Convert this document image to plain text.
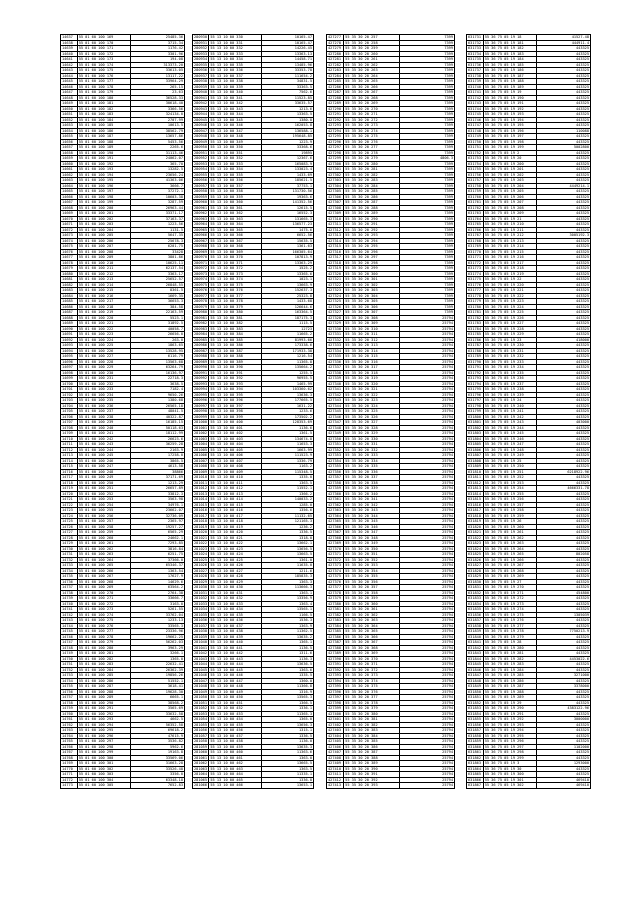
14637	55 01 60 100 169	25485.36
14638	55 01 60 100 170	3715.34
14639	55 01 60 100 171	1176.42
14640	55 01 60 100 172	3301.96
14641	55 01 60 100 173	194.08
14642	55 01 60 100 174	313373.20
14643	55 01 60 100 175	33613.05
14644	55 01 60 100 176	13117.22
14645	55 01 60 100 177	33964.29
14646	55 01 60 100 178	265.15
14647	55 01 60 100 179	23.63
14648	55 01 60 100 180	36528.33
14649	55 01 60 100 181	30618.40
14650	55 01 60 100 182	3366.56
14651	55 01 60 100 183	324134.0
14652	55 01 60 100 184	2707.99
14653	55 01 60 100 185	10613.5
14654	55 01 60 100 186	38562.79
14655	55 01 60 100 187	13657.86
14656	55 01 60 100 188	5453.56
14657	55 01 60 100 189	2265.6
14658	55 01 60 100 190	31113.46
14659	55 01 60 100 191	24062.07
14660	55 01 60 100 192	365.70
14661	55 01 60 100 193	13282.5
14662	55 01 60 100 194	23656.24
14663	55 01 60 100 195	41363.06
14664	55 01 60 100 196	3666.7
14665	55 01 60 100 197	37272.1
14666	55 01 60 100 198	10603.38
14667	55 01 60 100 199	3287.59
14668	55 01 60 100 200	26963.44
14669	55 01 60 100 201	33371.17
14670	55 01 60 100 202	37163.37
14671	55 01 60 100 203	1223.56
14672	55 01 60 100 204	1131.5
14673	55 01 60 100 205	5647.35
14674	55 01 60 100 206	25678.3
14675	55 01 60 100 207	6201.75
14676	55 01 60 100 208	33428
14677	55 01 60 100 209	3801.86
14678	55 01 60 100 210	10625.11
14679	55 01 60 100 211	62137.54
14680	55 01 60 100 212	3363.17
14681	55 01 60 100 213	25652.57
14682	55 01 60 100 214	26848.55
14683	55 01 60 100 215	8361.5
14684	55 01 60 100 216	1669.35
14685	55 01 60 100 217	36653.3
14686	55 01 60 100 218	384.58
14687	55 01 60 100 219	22163.59
14688	55 01 60 100 220	5523.1
14689	55 01 60 100 221	31892.5
14690	55 01 60 100 222	40058.7
14691	55 01 60 100 223	26656.0
14692	55 01 60 100 224	263.0
14693	55 01 60 100 225	1863.65
14694	55 01 60 100 226	13528.95
14695	55 01 60 100 227	6116.79
14696	55 01 60 100 228	13563.68
14697	55 01 60 100 229	63264.79
14698	55 01 60 100 230	16136.97
14699	55 01 60 100 231	22718.3
14700	55 01 60 100 232	3638.5
14701	55 01 60 100 233	7182.4
14702	55 01 60 100 234	9650.26
14703	55 01 60 100 235	1380.68
14704	55 01 60 100 236	26565.18
14705	55 01 60 100 237	48041.5
14706	55 01 60 100 238	40322.87
14707	55 01 60 100 239	16185.15
14708	55 01 60 100 240	50118.63
14709	55 01 60 100 241	18112.99
14710	55 01 60 100 242	26623.6
14711	55 01 60 100 243	36259.28
14712	55 01 60 100 244	2163.9
14713	55 01 60 100 245	17258.0
14714	55 01 60 100 246	3865.5
14715	55 01 60 100 247	4613.58
14716	55 01 60 100 248	38866
14717	55 01 60 100 249	37171.69
14718	55 01 60 100 250	1213.29
14719	55 01 60 100 251	26657.89
14720	55 01 60 100 252	33812.3
14721	55 01 60 100 253	3563.98
14722	55 01 60 100 254	34976.1
14723	55 01 60 100 255	23662.07
14724	55 01 60 100 256	32736.09
14725	55 01 60 100 257	2365.97
14726	55 01 60 100 258	19257.27
14727	55 01 60 100 259	6565.29
14728	55 01 60 100 260	24662.1
14729	55 01 60 100 261	7293.85
14730	55 01 60 100 262	3816.84
14731	55 01 60 100 263	6251.75
14732	55 01 60 100 264	37366.0
14733	55 01 60 100 265	65346.37
14734	55 01 60 100 266	1363.54
14735	55 01 60 100 267	17627.9
14736	55 01 60 100 268	14629.6
14737	55 01 60 100 269	63564.2
14738	55 01 60 100 270	2764.38
14739	55 01 60 100 271	33666.7
14740	55 01 60 100 272	3163.0
14741	55 01 60 100 273	5261.55
14742	55 01 60 100 274	33762.04
14743	55 01 60 100 275	1233.13
14744	55 01 60 100 276	33565.3
14745	55 01 60 100 277	23336.96
14746	55 01 60 100 278	19662.25
14747	55 01 60 100 279	56262.03
14748	55 01 60 100 280	3963.29
14749	55 01 60 100 281	3266.1
14750	55 01 60 100 282	1365.0
14751	55 01 60 100 283	22632.41
14752	55 01 60 100 284	26362.39
14753	55 01 60 100 285	19856.26
14754	55 01 60 100 286	51552.1
14755	55 01 60 100 287	3618.41
14756	55 01 60 100 288	19628.30
14757	55 01 60 100 289	6665.1
14758	55 01 60 100 290	38568.2
14759	55 01 60 100 291	3565.69
14760	55 01 60 100 292	33632.58
14761	55 01 60 100 293	4662.5
14762	55 01 60 100 294	56352.58
14763	55 01 60 100 295	69618.2
14764	55 01 60 100 296	47615.9
14765	55 01 60 100 297	3536.82
14766	55 01 60 100 298	5962.6
14767	55 01 60 100 299	19163.8
14768	55 01 60 100 300	33569.06
14769	55 01 60 100 301	31663.28
14770	55 01 60 100 302	33526.48
14771	55 01 60 100 303	3356.0
14772	55 01 60 100 304	63348.18
14773	55 01 60 100 305	7652.83
280930	55 13 10 00 330	10165.47
280931	55 13 10 00 331	10165.47
280932	55 13 10 00 332	14226.45
280933	55 13 10 00 333	13363.13
280934	55 13 10 00 334	14458.71
280935	55 13 10 00 335	13485.96
280936	55 13 10 00 336	33353.78
280937	55 13 10 00 337	111654.2
280938	55 13 10 00 338	34831.5
280939	55 13 10 00 339	33363.5
280940	55 13 10 00 340	7562.6
280941	55 13 10 00 341	11523.85
280942	55 13 10 00 342	33635.57
280943	55 13 10 00 343	1213.6
280944	55 13 10 00 344	13363.5
280945	55 13 10 00 345	1380.8
280946	55 13 10 00 346	162053.8
280947	55 13 10 00 347	136588.1
280948	55 13 10 00 348	195648.85
280949	55 13 10 00 349	1223.9
280950	55 13 10 00 350	33368.6
280951	55 13 10 00 351	19895
280952	55 13 10 00 352	12367.6
280953	55 13 10 00 353	165083.9
280954	55 13 10 00 354	133023.4
280955	55 13 10 00 355	1433.69
280956	55 13 10 00 356	185621.5
280957	55 13 10 00 357	37753.1
280958	55 13 10 00 358	131730.56
280959	55 13 10 00 359	19363.6
280960	55 13 10 00 360	141352.56
280961	55 13 10 00 361	12615.5
280962	55 13 10 00 362	16552.3
280963	55 13 10 00 363	131665.3
280964	55 13 10 00 364	136577.23
280965	55 13 10 00 365	1475.6
280966	55 13 10 00 366	6652.56
280967	55 13 10 00 367	15635.5
280968	55 13 10 00 368	1361.63
280969	55 13 10 00 369	166305.64
280970	55 13 10 00 370	107813.9
280971	55 13 10 00 371	13363.29
280972	55 13 10 00 372	1525.2
280973	55 13 10 00 373	13365.6
280974	55 13 10 00 374	1023.1
280975	55 13 10 00 375	13663.9
280976	55 13 10 00 376	152637.3
280977	55 13 10 00 377	25323.8
280978	55 13 10 00 378	1433.68
280979	55 13 10 00 379	126644.6
280980	55 13 10 00 380	163364.5
280981	55 13 10 00 381	187175.3
280982	55 13 10 00 382	1115.5
280983	55 13 10 00 383	12723
280984	55 13 10 00 384	11665.2
280985	55 13 10 00 385	81993.66
280986	55 13 10 00 386	173338.6
280987	55 13 10 00 387	171933.38
280988	55 13 10 00 388	1216.54
280989	55 13 10 00 389	11365.8
280990	55 13 10 00 390	135664.2
280991	55 13 10 00 391	1255.5
280992	55 13 10 00 392	96955.5
280993	55 13 10 00 393	1465.99
280994	55 13 10 00 394	103360.62
280995	55 13 10 00 395	13636.3
280996	55 13 10 00 396	177665.5
280997	55 13 10 00 397	1631.22
280998	55 13 10 00 398	1233.6
280999	55 13 10 00 399	173502.2
281000	55 13 10 00 400	128353.69
281001	55 13 10 00 401	1136.6
281002	55 13 10 00 402	1361.5
281003	55 13 10 00 403	134674.8
281004	55 13 10 00 404	11653.3
281005	55 13 10 00 405	1663.99
281006	55 13 10 00 406	111523.9
281007	55 13 10 00 407	1336.79
281008	55 13 10 00 408	1163.2
281009	55 13 10 00 409	115348.5
281010	55 13 10 00 410	1335.0
281011	55 13 10 00 411	1363.5
281012	55 13 10 00 412	11552.1
281013	55 13 10 00 413	1366.2
281014	55 13 10 00 414	140033.2
281015	55 13 10 00 415	1285.0
281016	55 13 10 00 416	1356.6
281017	55 13 10 00 417	11132.65
281018	55 13 10 00 418	121165.3
281019	55 13 10 00 419	1236.2
281020	55 13 10 00 420	1336.5
281021	55 13 10 00 421	1318.0
281022	55 13 10 00 422	13662.1
281023	55 13 10 00 423	13656.5
281024	55 13 10 00 424	13663.5
281025	55 13 10 00 425	1361.0
281026	55 13 10 00 426	11635.0
281027	55 13 10 00 427	1211.6
281028	55 13 10 00 428	185835.3
281029	55 13 10 00 429	1363.3
281030	55 13 10 00 430	113666.3
281031	55 13 10 00 431	1363.1
281032	55 13 10 00 432	13356.9
281033	55 13 10 00 433	1363.4
281034	55 13 10 00 434	13565.1
281035	55 13 10 00 435	1166.5
281036	55 13 10 00 436	1536.3
281037	55 13 10 00 437	1363.9
281038	55 13 10 00 438	11362.5
281039	55 13 10 00 439	13635.2
281040	55 13 10 00 440	1365.1
281041	55 13 10 00 441	1136.5
281042	55 13 10 00 442	1311.6
281043	55 13 10 00 443	1136.3
281044	55 13 10 00 444	13636.5
281045	55 13 10 00 445	1363.6
281046	55 13 10 00 446	1335.5
281047	55 13 10 00 447	1360.0
281048	55 13 10 00 448	11366.8
281049	55 13 10 00 449	1316.9
281050	55 13 10 00 450	13565.3
281051	55 13 10 00 451	1366.5
281052	55 13 10 00 452	1336.1
281053	55 13 10 00 453	11365.3
281054	55 13 10 00 454	1365.0
281055	55 13 10 00 455	13656.3
281056	55 13 10 00 456	1315.1
281057	55 13 10 00 457	1336.5
281058	55 13 10 00 458	1136.0
281059	55 13 10 00 459	13635.3
281060	55 13 10 00 460	11363.6
281061	55 13 10 00 461	1363.0
281062	55 13 10 00 462	13665.5
281063	55 13 10 00 463	1363.5
281064	55 13 10 00 464	11335.1
281065	55 13 10 00 465	1336.8
281066	55 13 10 00 466	13653.1
427277	55 35 30 20 257	7399
427278	55 35 30 20 258	7399
427279	55 35 30 20 259	7399
427280	55 35 30 20 260	7399
427281	55 35 30 20 261	7399
427282	55 35 30 20 262	7399
427283	55 35 30 20 263	7399
427284	55 35 30 20 264	7399
427285	55 35 30 20 265	7399
427286	55 35 30 20 266	7399
427287	55 35 30 20 267	7399
427288	55 35 30 20 268	7399
427289	55 35 30 20 269	7399
427290	55 35 30 20 270	7399
427291	55 35 30 20 271	7399
427292	55 35 30 20 272	7399
427293	55 35 30 20 273	7399
427294	55 35 30 20 274	7399
427295	55 35 30 20 275	7399
427296	55 35 30 20 276	7399
427297	55 35 30 20 277	7399
427298	55 35 30 20 278	7399
427299	55 35 30 20 279	4806.3
427300	55 35 30 20 280	7399
427301	55 35 30 20 281	7399
427302	55 35 30 20 282	7399
427303	55 35 30 20 283	7399
427304	55 35 30 20 284	7399
427305	55 35 30 20 285	7399
427306	55 35 30 20 286	7399
427307	55 35 30 20 287	7399
427308	55 35 30 20 288	7399
427309	55 35 30 20 289	7399
427310	55 35 30 20 290	7399
427311	55 35 30 20 291	7399
427312	55 35 30 20 292	7399
427313	55 35 30 20 293	7399
427314	55 35 30 20 294	7399
427315	55 35 30 20 295	7399
427316	55 35 30 20 296	7399
427317	55 35 30 20 297	7399
427318	55 35 30 20 298	7399
427319	55 35 30 20 299	7399
427320	55 35 30 20 300	7399
427321	55 35 30 20 301	7399
427322	55 35 30 20 302	7399
427323	55 35 30 20 303	7399
427324	55 35 30 20 304	7399
427325	55 35 30 20 305	7399
427326	55 35 30 20 306	7399
427327	55 35 30 20 307	7399
427328	55 35 30 20 308	25794
427329	55 35 30 20 309	25794
427330	55 35 30 20 310	25794
427331	55 35 30 20 311	25794
427332	55 35 30 20 312	25794
427333	55 35 30 20 313	25794
427334	55 35 30 20 314	25794
427335	55 35 30 20 315	25794
427336	55 35 30 20 316	25794
427337	55 35 30 20 317	25794
427338	55 35 30 20 318	25794
427339	55 35 30 20 319	25794
427340	55 35 30 20 320	25794
427341	55 35 30 20 321	25794
427342	55 35 30 20 322	25794
427343	55 35 30 20 323	25794
427344	55 35 30 20 324	25794
427345	55 35 30 20 325	25794
427346	55 35 30 20 326	25794
427347	55 35 30 20 327	25794
427348	55 35 30 20 328	25794
427349	55 35 30 20 329	25794
427350	55 35 30 20 330	25794
427351	55 35 30 20 331	25794
427352	55 35 30 20 332	25794
427353	55 35 30 20 333	25794
427354	55 35 30 20 334	25794
427355	55 35 30 20 335	25794
427356	55 35 30 20 336	25794
427357	55 35 30 20 337	25794
427358	55 35 30 20 338	25794
427359	55 35 30 20 339	25794
427360	55 35 30 20 340	25794
427361	55 35 30 20 341	25794
427362	55 35 30 20 342	25794
427363	55 35 30 20 343	25794
427364	55 35 30 20 344	25794
427365	55 35 30 20 345	25794
427366	55 35 30 20 346	25794
427367	55 35 30 20 347	25794
427368	55 35 30 20 348	25794
427369	55 35 30 20 349	25794
427370	55 35 30 20 350	25794
427371	55 35 30 20 351	25794
427372	55 35 30 20 352	25794
427373	55 35 30 20 353	25794
427374	55 35 30 20 354	25794
427375	55 35 30 20 355	25794
427376	55 35 30 20 356	25794
427377	55 35 30 20 357	25794
427378	55 35 30 20 358	25794
427379	55 35 30 20 359	25794
427380	55 35 30 20 360	25794
427381	55 35 30 20 361	25794
427382	55 35 30 20 362	25794
427383	55 35 30 20 363	25794
427384	55 35 30 20 364	25794
427385	55 35 30 20 365	25794
427386	55 35 30 20 366	25794
427387	55 35 30 20 367	25794
427388	55 35 30 20 368	25794
427389	55 35 30 20 369	25794
427390	55 35 30 20 370	25794
427391	55 35 30 20 371	25794
427392	55 35 30 20 372	25794
427393	55 35 30 20 373	25794
427394	55 35 30 20 374	25794
427395	55 35 30 20 375	25794
427396	55 35 30 20 376	25794
427397	55 35 30 20 377	25794
427398	55 35 30 20 378	25794
427399	55 35 30 20 379	25794
427400	55 35 30 20 380	25794
427401	55 35 30 20 381	25794
427402	55 35 30 20 382	25794
427403	55 35 30 20 383	25794
427404	55 35 30 20 384	25794
427405	55 35 30 20 385	25794
427406	55 35 30 20 386	25794
427407	55 35 30 20 387	25794
427408	55 35 30 20 388	25794
427409	55 35 30 20 389	25794
427410	55 35 30 20 390	25794
427411	55 35 30 20 391	25794
427412	55 35 30 20 392	25794
427413	55 35 30 20 393	25794
631731	55 36 75 05 19 18	41527.48
631732	55 36 75 05 19 181	444911.4
631733	55 36 75 05 19 182	443325
631734	55 36 75 05 19 183	443325
631735	55 36 75 05 19 184	443325
631736	55 36 75 05 19 185	443325
631737	55 36 75 05 19 186	443325
631738	55 36 75 05 19 187	443325
631739	55 36 75 05 19 188	443325
631740	55 36 75 05 19 189	443325
631741	55 36 75 05 19 19	443325
631742	55 36 75 05 19 190	443325
631743	55 36 75 05 19 191	443325
631744	55 36 75 05 19 192	443325
631745	55 36 75 05 19 193	443325
631746	55 36 75 05 19 194	443325
631747	55 36 75 05 19 195	443325
631748	55 36 75 05 19 196	110088
631749	55 36 75 05 19 197	443325
631750	55 36 75 05 19 198	443325
631751	55 36 75 05 19 199	5002800
631752	55 36 75 05 19 2	443325
631753	55 36 75 05 19 20	443325
631754	55 36 75 05 19 200	443325
631755	55 36 75 05 19 201	443325
631756	55 36 75 05 19 202	443325
631757	55 36 75 05 19 203	443325
631758	55 36 75 05 19 204	4449214.1
631759	55 36 75 05 19 205	443325
631760	55 36 75 05 19 206	443325
631761	55 36 75 05 19 207	443325
631762	55 36 75 05 19 208	443325
631763	55 36 75 05 19 209	443325
631764	55 36 75 05 19 21	443325
631765	55 36 75 05 19 210	443325
631766	55 36 75 05 19 211	443325
631767	55 36 75 05 19 212	3005192.3
631768	55 36 75 05 19 213	443325
631769	55 36 75 05 19 214	443325
631770	55 36 75 05 19 215	443325
631771	55 36 75 05 19 216	443325
631772	55 36 75 05 19 217	443325
631773	55 36 75 05 19 218	443325
631774	55 36 75 05 19 219	443325
631775	55 36 75 05 19 22	443325
631776	55 36 75 05 19 220	443325
631777	55 36 75 05 19 221	443325
631778	55 36 75 05 19 222	443325
631779	55 36 75 05 19 223	443325
631780	55 36 75 05 19 224	443325
631781	55 36 75 05 19 225	443325
631782	55 36 75 05 19 226	443325
631783	55 36 75 05 19 227	443325
631784	55 36 75 05 19 228	443325
631785	55 36 75 05 19 229	443325
631786	55 36 75 05 19 23	418000
631787	55 36 75 05 19 230	443325
631788	55 36 75 05 19 231	443325
631789	55 36 75 05 19 232	443325
631790	55 36 75 05 19 233	443325
631791	55 36 75 05 19 234	443325
631792	55 36 75 05 19 235	443325
631793	55 36 75 05 19 236	443325
631794	55 36 75 05 19 237	443325
631795	55 36 75 05 19 238	443325
631796	55 36 75 05 19 239	443325
631797	55 36 75 05 19 24	443325
631798	55 36 75 05 19 240	443325
631799	55 36 75 05 19 241	443325
631800	55 36 75 05 19 242	443325
631801	55 36 75 05 19 243	403000
631802	55 36 75 05 19 244	443325
631803	55 36 75 05 19 245	443325
631804	55 36 75 05 19 246	443325
631805	55 36 75 05 19 247	443325
631806	55 36 75 05 19 248	443325
631807	55 36 75 05 19 249	443325
631808	55 36 75 05 19 25	443325
631809	55 36 75 05 19 250	443325
631810	55 36 75 05 19 251	6218922.96
631811	55 36 75 05 19 252	443325
631812	55 36 75 05 19 253	443325
631813	55 36 75 05 19 254	4666331.78
631814	55 36 75 05 19 255	443325
631815	55 36 75 05 19 256	443325
631816	55 36 75 05 19 257	443325
631817	55 36 75 05 19 258	443325
631818	55 36 75 05 19 259	443325
631819	55 36 75 05 19 26	443325
631820	55 36 75 05 19 260	443325
631821	55 36 75 05 19 261	443325
631822	55 36 75 05 19 262	443325
631823	55 36 75 05 19 263	443325
631824	55 36 75 05 19 264	443325
631825	55 36 75 05 19 265	802058
631826	55 36 75 05 19 266	443325
631827	55 36 75 05 19 267	443325
631828	55 36 75 05 19 268	443325
631829	55 36 75 05 19 269	443325
631830	55 36 75 05 19 27	443325
631831	55 36 75 05 19 270	443325
631832	55 36 75 05 19 271	454800
631833	55 36 75 05 19 272	443325
631834	55 36 75 05 19 273	443325
631835	55 36 75 05 19 274	443325
631836	55 36 75 05 19 275	1305039
631837	55 36 75 05 19 276	443325
631838	55 36 75 05 19 277	443325
631839	55 36 75 05 19 278	7750213.9
631840	55 36 75 05 19 279	443325
631841	55 36 75 05 19 28	443325
631842	55 36 75 05 19 280	443325
631843	55 36 75 05 19 281	443325
631844	55 36 75 05 19 282	4453022.6
631845	55 36 75 05 19 283	443325
631846	55 36 75 05 19 284	443325
631847	55 36 75 05 19 285	3271000
631848	55 36 75 05 19 286	443325
631849	55 36 75 05 19 287	3378000
631850	55 36 75 05 19 288	443325
631851	55 36 75 05 19 289	443325
631852	55 36 75 05 19 29	443325
631853	55 36 75 05 19 290	4383122.96
631854	55 36 75 05 19 291	443325
631855	55 36 75 05 19 292	3000000
631856	55 36 75 05 19 293	443325
631857	55 36 75 05 19 294	443325
631858	55 36 75 05 19 295	443325
631859	55 36 75 05 19 296	443325
631860	55 36 75 05 19 297	1102000
631861	55 36 75 05 19 298	443325
631862	55 36 75 05 19 299	443325
631863	55 36 75 05 19 3	1293000
631864	55 36 75 05 19 30	443325
631865	55 36 75 05 19 300	443325
631866	55 36 75 05 19 301	469410
631867	55 36 75 05 19 302	469410
